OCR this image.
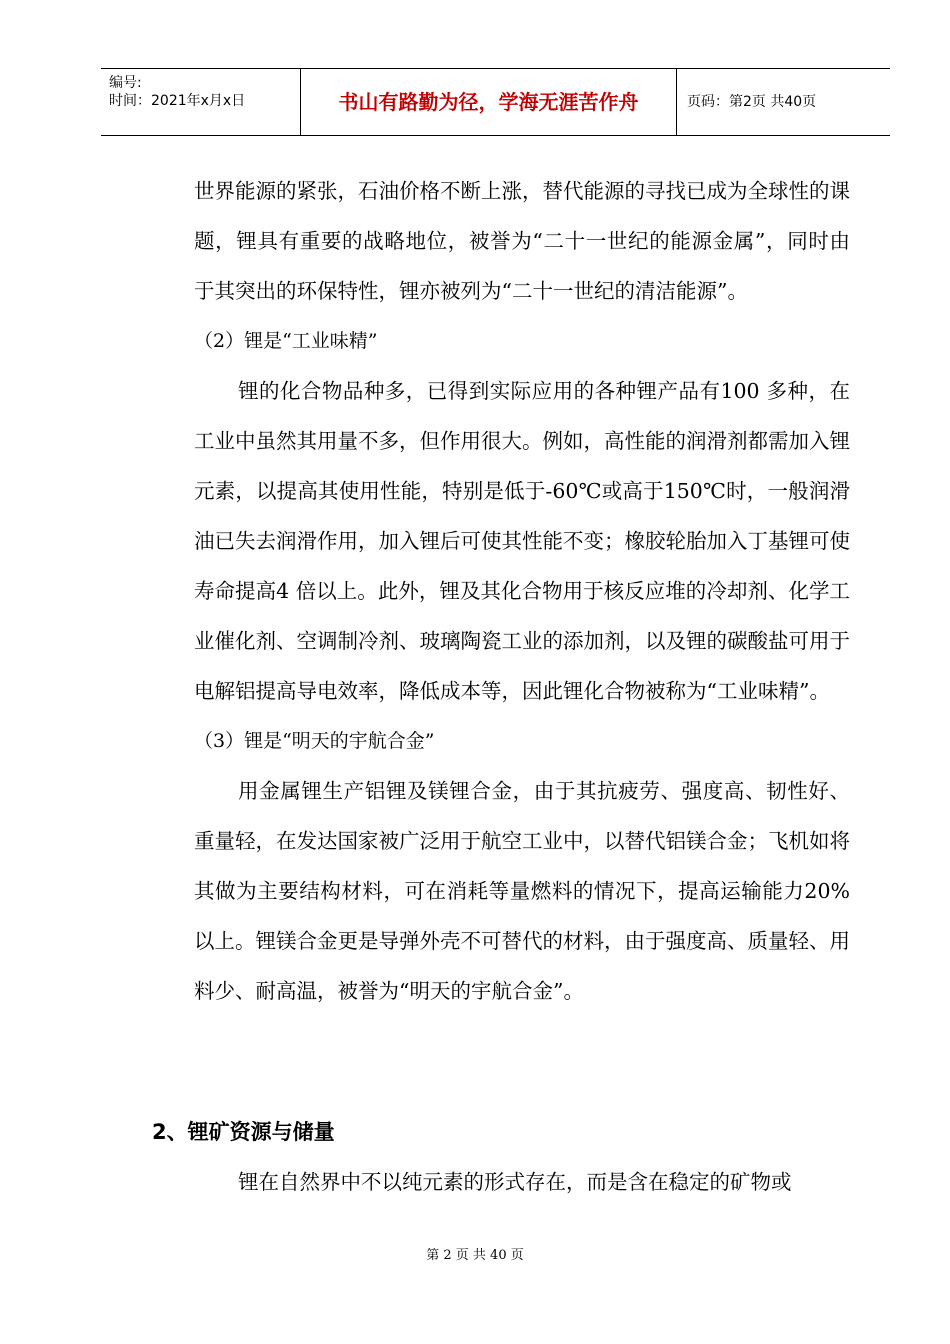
编号:
时间：2021年x月x日	书山有路勤为径，学海无涯苦作舟	页码：第2页 共40页

世界能源的紧张，石油价格不断上涨，替代能源的寻找已成为全球性的课题，锂具有重要的战略地位，被誉为“二十一世纪的能源金属”，同时由于其突出的环保特性，锂亦被列为“二十一世纪的清洁能源”。

（2）锂是“工业味精”

锂的化合物品种多，已得到实际应用的各种锂产品有100 多种，在工业中虽然其用量不多，但作用很大。例如，高性能的润滑剂都需加入锂元素，以提高其使用性能，特别是低于-60℃或高于150℃时，一般润滑油已失去润滑作用，加入锂后可使其性能不变；橡胶轮胎加入丁基锂可使寿命提高4 倍以上。此外，锂及其化合物用于核反应堆的冷却剂、化学工业催化剂、空调制冷剂、玻璃陶瓷工业的添加剂，以及锂的碳酸盐可用于电解铝提高导电效率，降低成本等，因此锂化合物被称为“工业味精”。

（3）锂是“明天的宇航合金”

用金属锂生产铝锂及镁锂合金，由于其抗疲劳、强度高、韧性好、重量轻，在发达国家被广泛用于航空工业中，以替代铝镁合金；飞机如将其做为主要结构材料，可在消耗等量燃料的情况下，提高运输能力20%以上。锂镁合金更是导弹外壳不可替代的材料，由于强度高、质量轻、用料少、耐高温，被誉为“明天的宇航合金”。

2、锂矿资源与储量

锂在自然界中不以纯元素的形式存在，而是含在稳定的矿物或

第 2 页 共 40 页
